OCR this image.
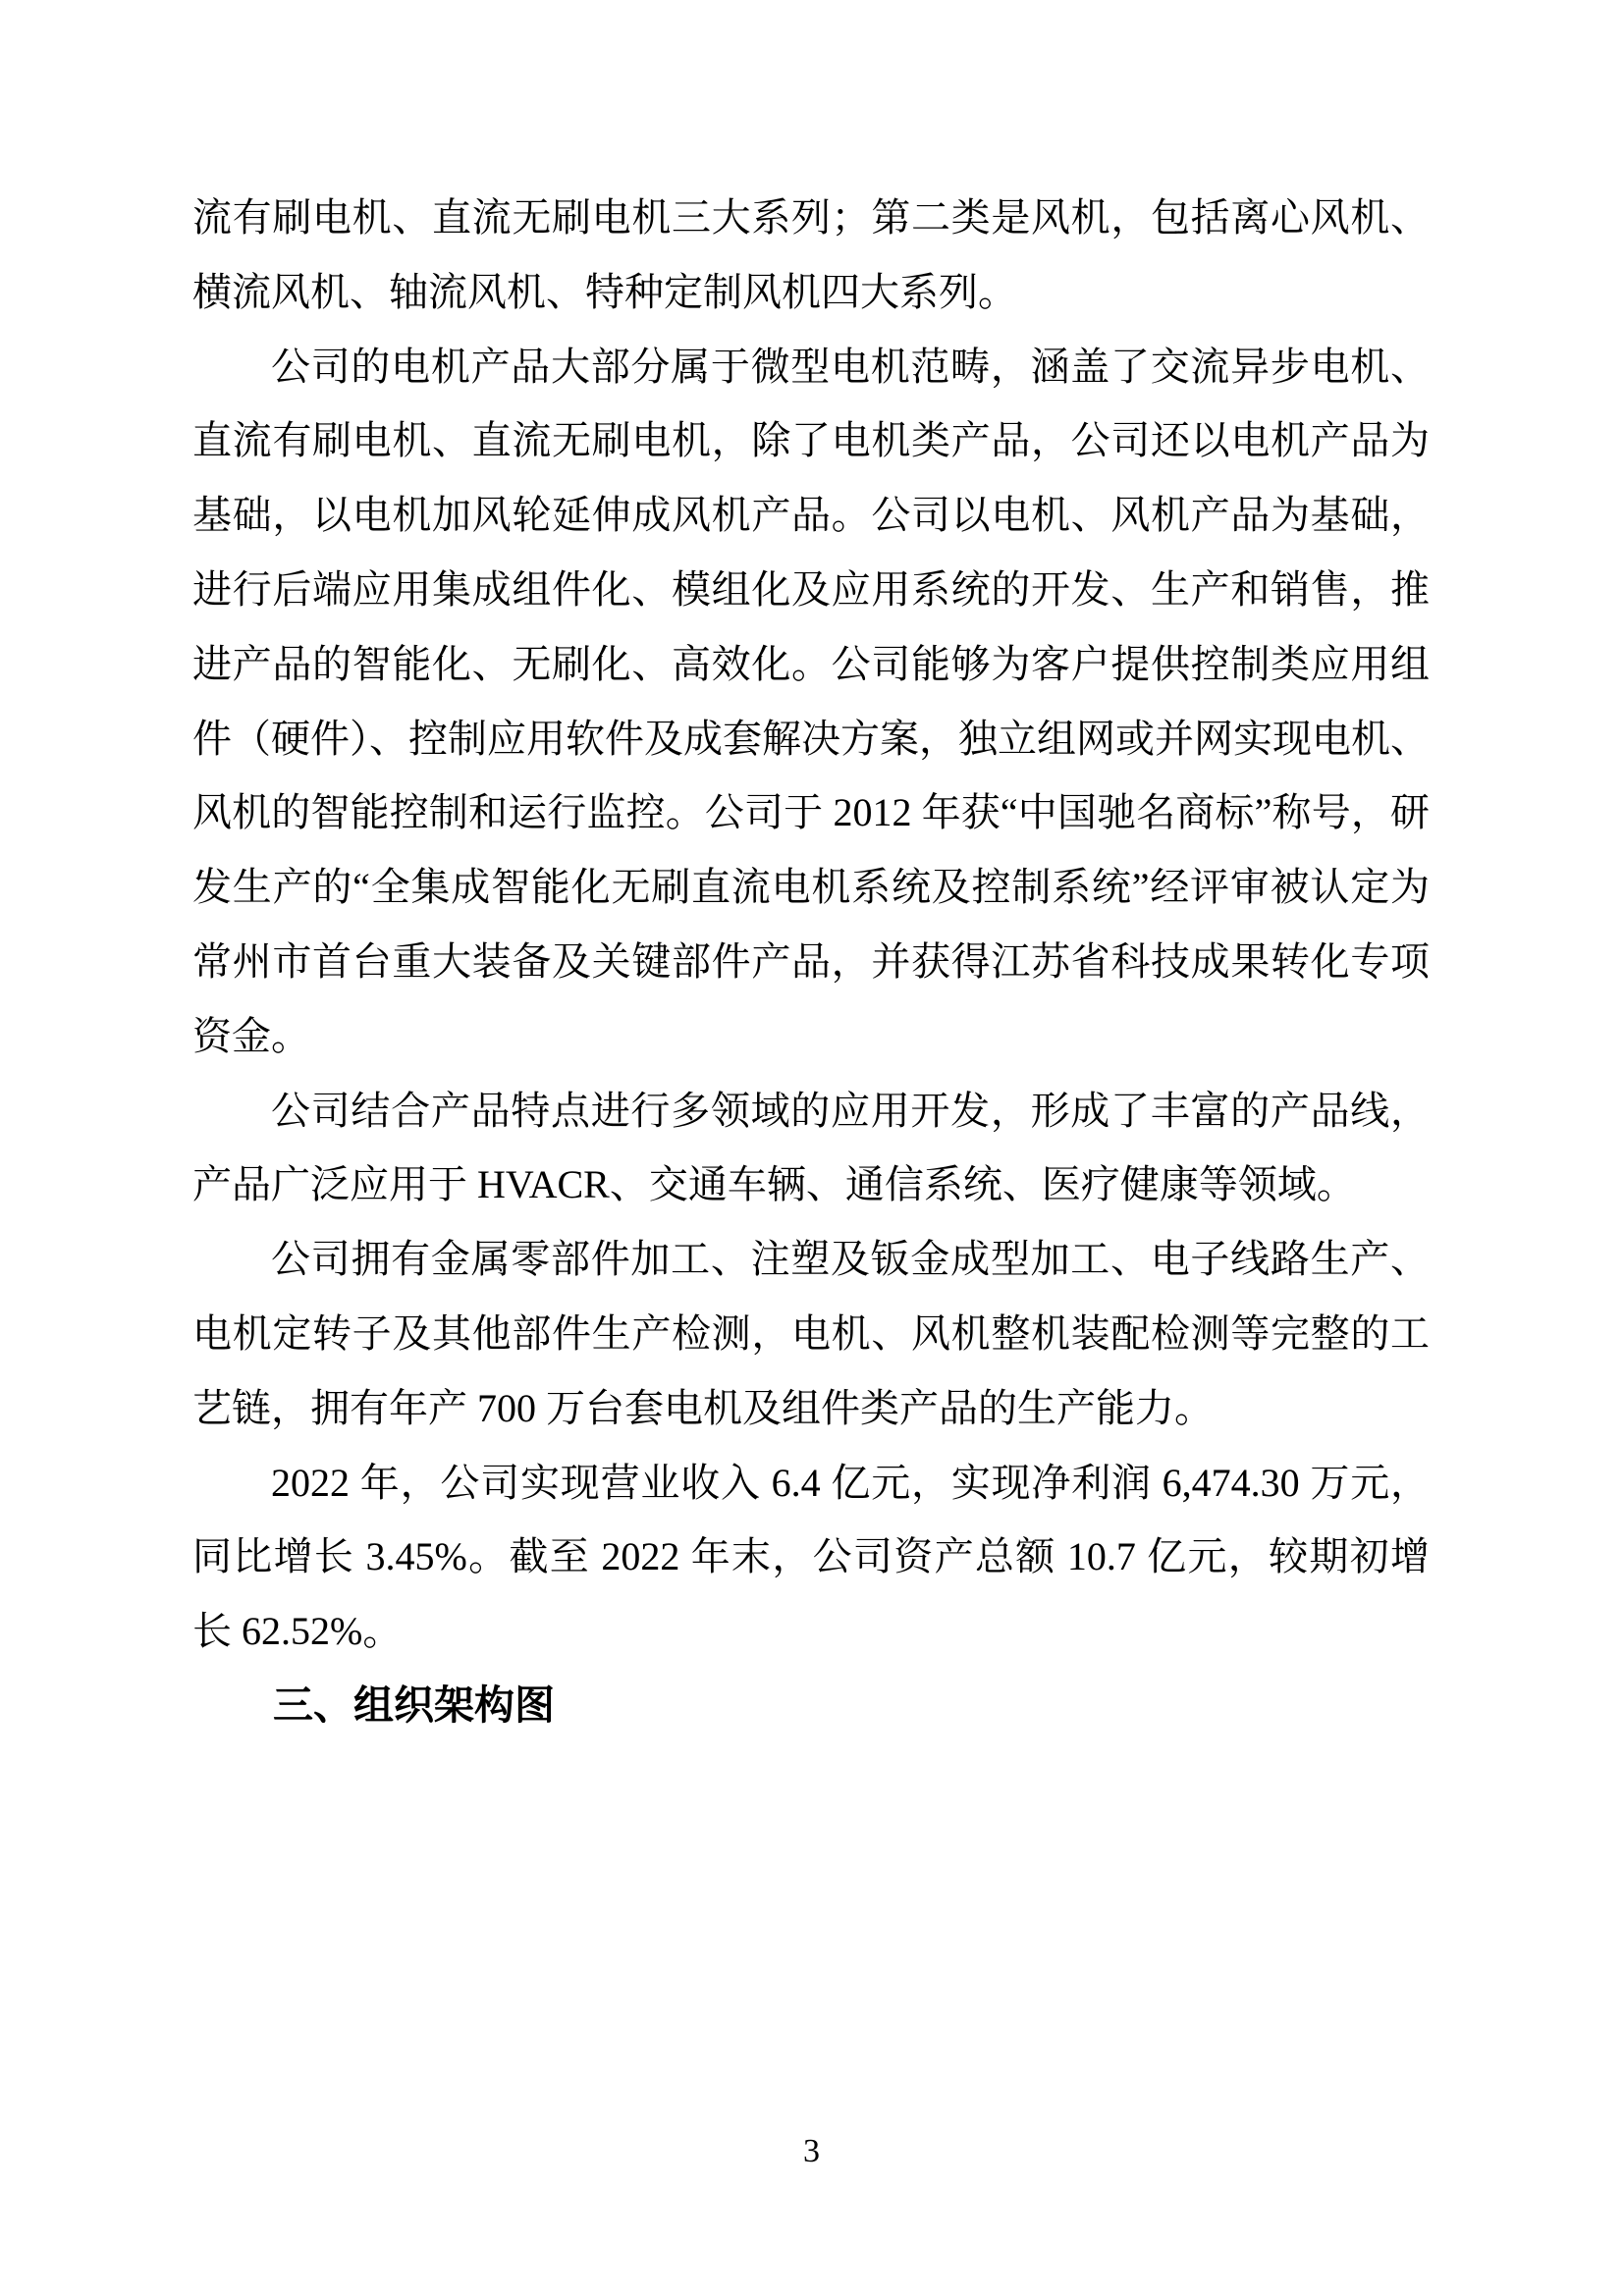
流有刷电机、直流无刷电机三大系列；第二类是风机，包括离心风机、横流风机、轴流风机、特种定制风机四大系列。

公司的电机产品大部分属于微型电机范畴，涵盖了交流异步电机、直流有刷电机、直流无刷电机，除了电机类产品，公司还以电机产品为基础，以电机加风轮延伸成风机产品。公司以电机、风机产品为基础，进行后端应用集成组件化、模组化及应用系统的开发、生产和销售，推进产品的智能化、无刷化、高效化。公司能够为客户提供控制类应用组件（硬件）、控制应用软件及成套解决方案，独立组网或并网实现电机、风机的智能控制和运行监控。公司于 2012 年获“中国驰名商标”称号，研发生产的“全集成智能化无刷直流电机系统及控制系统”经评审被认定为常州市首台重大装备及关键部件产品，并获得江苏省科技成果转化专项资金。

公司结合产品特点进行多领域的应用开发，形成了丰富的产品线，产品广泛应用于 HVACR、交通车辆、通信系统、医疗健康等领域。

公司拥有金属零部件加工、注塑及钣金成型加工、电子线路生产、电机定转子及其他部件生产检测，电机、风机整机装配检测等完整的工艺链，拥有年产 700 万台套电机及组件类产品的生产能力。

2022 年，公司实现营业收入 6.4 亿元，实现净利润 6,474.30 万元，同比增长 3.45%。截至 2022 年末，公司资产总额 10.7 亿元，较期初增长 62.52%。

三、组织架构图
3
